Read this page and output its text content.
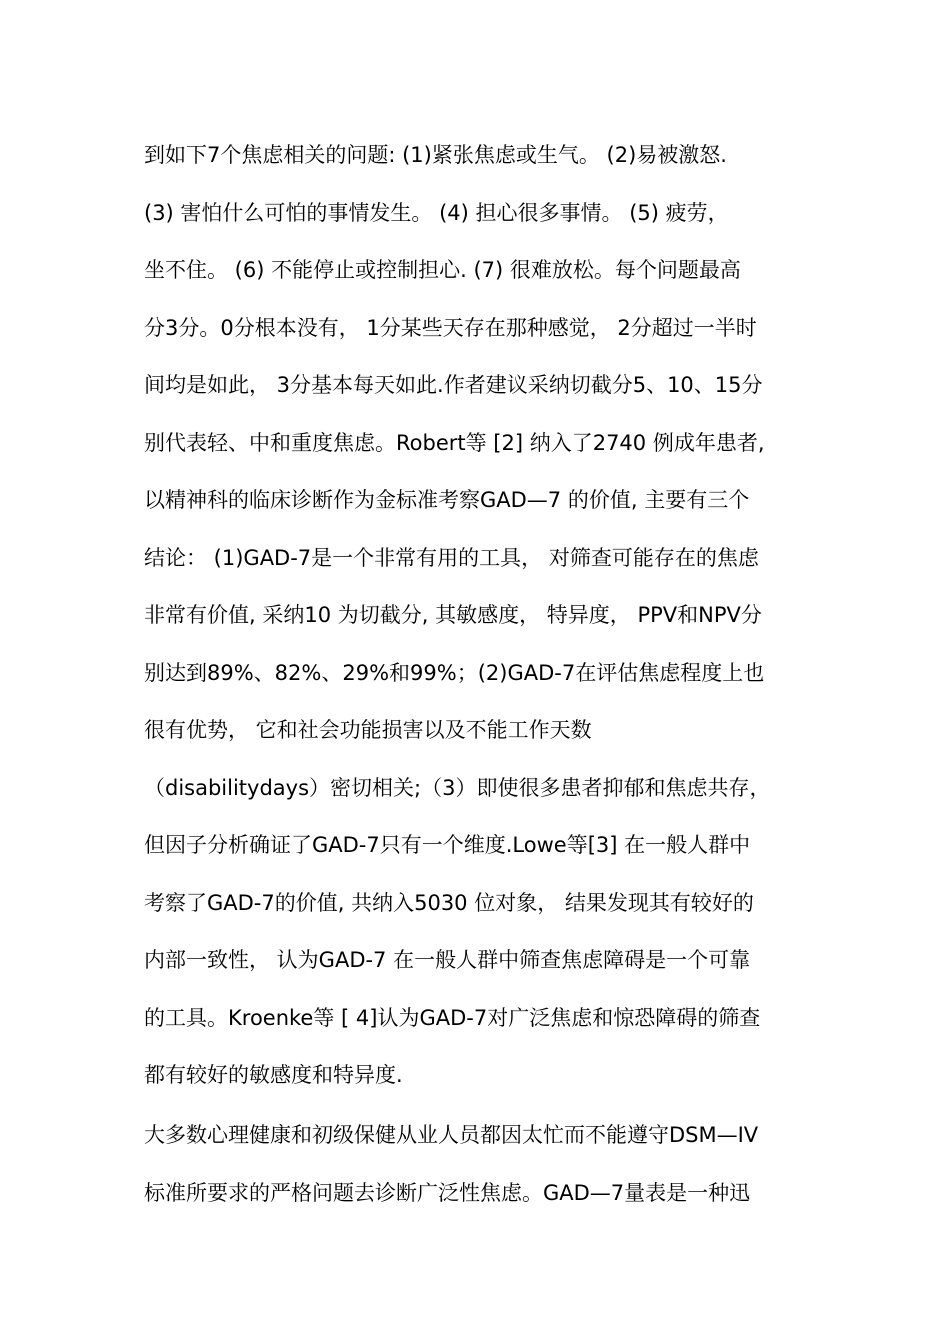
到如下7个焦虑相关的问题: (1)紧张焦虑或生气。 (2)易被激怒.
(3) 害怕什么可怕的事情发生。 (4) 担心很多事情。 (5) 疲劳，
坐不住。 (6) 不能停止或控制担心. (7) 很难放松。每个问题最高
分3分。0分根本没有， 1分某些天存在那种感觉， 2分超过一半时
间均是如此， 3分基本每天如此.作者建议采纳切截分5、10、15分
别代表轻、中和重度焦虑。Robert等 [2] 纳入了2740 例成年患者,
以精神科的临床诊断作为金标准考察GAD—7 的价值, 主要有三个
结论： (1)GAD-7是一个非常有用的工具， 对筛查可能存在的焦虑
非常有价值, 采纳10 为切截分, 其敏感度， 特异度， PPV和NPV分
别达到89%、82%、29%和99%；(2)GAD-7在评估焦虑程度上也
很有优势， 它和社会功能损害以及不能工作天数
（disabilitydays）密切相关;（3）即使很多患者抑郁和焦虑共存，
但因子分析确证了GAD-7只有一个维度.Lowe等[3] 在一般人群中
考察了GAD-7的价值, 共纳入5030 位对象， 结果发现其有较好的
内部一致性， 认为GAD-7 在一般人群中筛查焦虑障碍是一个可靠
的工具。Kroenke等 [ 4]认为GAD-7对广泛焦虑和惊恐障碍的筛查
都有较好的敏感度和特异度.
大多数心理健康和初级保健从业人员都因太忙而不能遵守DSM—IV
标准所要求的严格问题去诊断广泛性焦虑。GAD—7量表是一种迅
